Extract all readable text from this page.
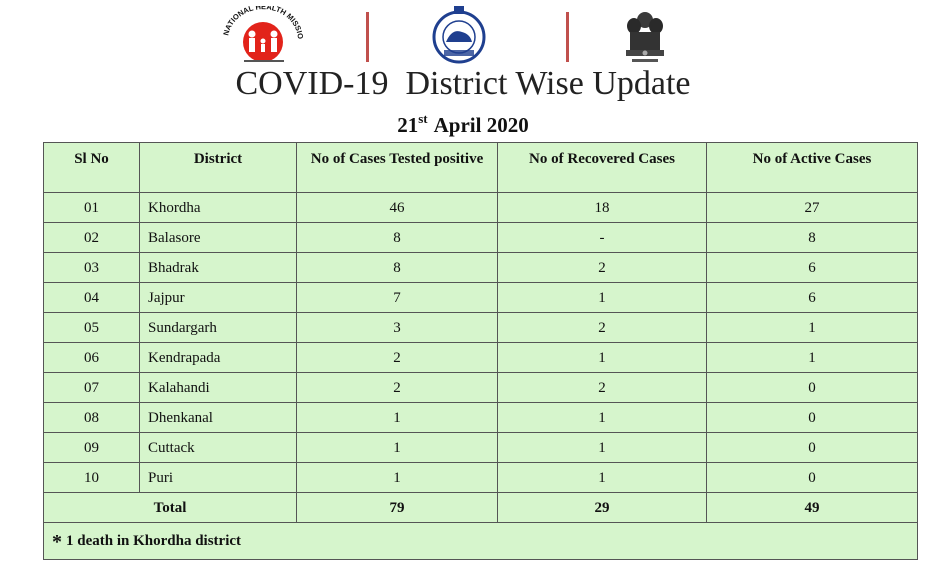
NATIONAL HEALTH MISSIO
COVID-19  District Wise Update
21st April 2020
Sl No	District	No of Cases Tested positive	No of Recovered Cases	No of Active Cases
01	Khordha	46	18	27
02	Balasore	8	-	8
03	Bhadrak	8	2	6
04	Jajpur	7	1	6
05	Sundargarh	3	2	1
06	Kendrapada	2	1	1
07	Kalahandi	2	2	0
08	Dhenkanal	1	1	0
09	Cuttack	1	1	0
10	Puri	1	1	0
Total		79	29	49
* 1 death in Khordha district				
